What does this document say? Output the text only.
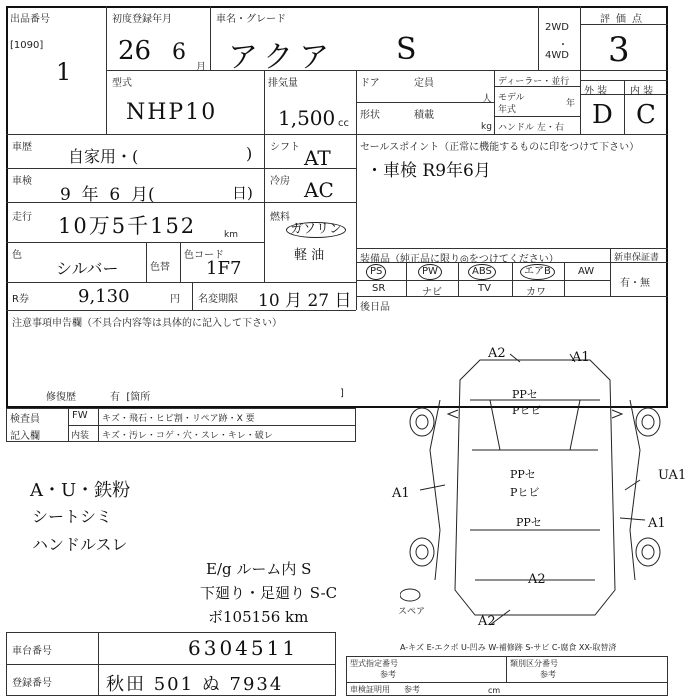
出品番号
[1090]
1
初度登録年月
26 6
月
車名・グレード
アクア S
2WD
・
4WD
評価点
3
型式
NHP10
排気量
1,500 cc
ドア	定員
人
形状	積載
kg
ディーラー・並行
モデル
年
年式
ハンドル 左・右
外 装 内 装
D C
車歴 自家用・(	) シフト AT
車検
9  年  6  月(	日)
冷房 AC
走行 10万5千152	km
燃料
ガソリン
軽 油
色
シルバー	色替
色コード
1F7
R券	9,130	円 名変期限 10 月 27 日
セールスポイント（正常に機能するものに印をつけて下さい）
・車検 R9年6月
装備品（純正品に限り◎をつけてください）	新車保証書
有・無
PS	PW	ABS	エアB	AW
SR	ナビ	TV	カワ
後日品
注意事項申告欄（不具合内容等は具体的に記入して下さい）
修復歴	有  [箇所	]
検査員
記入欄
FW キズ・飛石・ヒビ割・リペア跡・X 要
内装 キズ・汚レ・コゲ・穴・スレ・キレ・破レ
A・U・鉄粉
シートシミ
ハンドルスレ
E/g ルーム内 S
下廻り・足廻り S-C
ボ105156 km
A2	A1
PPセ
Pヒビ
PPセ
Pヒビ
PPセ
UA1
A1
A1
A2
A2
スペア
車台番号	6304511
登録番号	秋田 501 ぬ 7934
A-キズ E-エクボ U-凹み W-補修跡 S-サビ C-腐食 XX-取替済
型式指定番号
参考
類別区分番号
参考
車検証明用 参考	cm
